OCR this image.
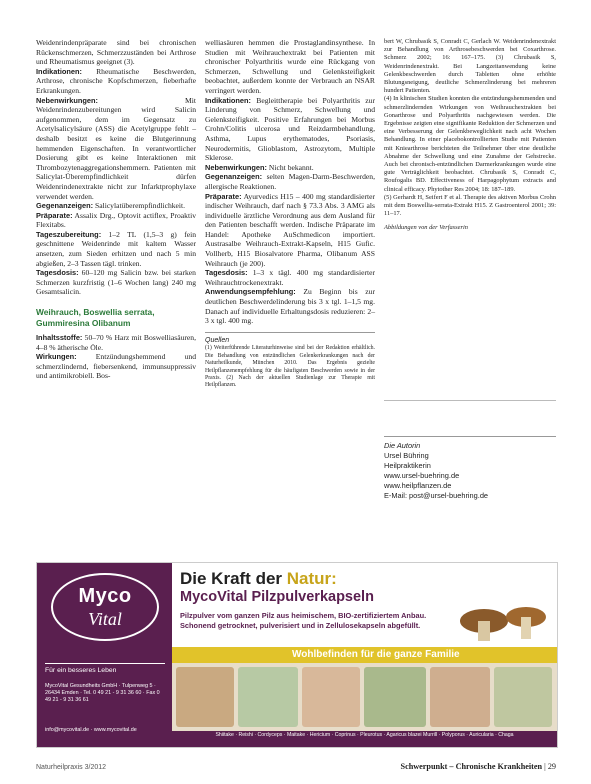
Weidenrindenpräparate sind bei chronischen Rückenschmerzen, Schmerzzuständen bei Arthrose und Rheumatismus geeignet (3).

Indikationen: Rheumatische Beschwerden, Arthrose, chronische Kopfschmerzen, fieberhafte Erkrankungen.

Nebenwirkungen:	Mit Weidenrindenzubereitungen wird Salicin aufgenommen, dem im Gegensatz zu Acetylsalicylsäure (ASS) die Acetylgruppe fehlt – deshalb besitzt es keine die Blutgerinnung hemmenden Eigenschaften. In verantwortlicher Dosierung gibt es keine Interaktionen mit Thrombozytenaggregationshemmern. Patienten mit Salicylat-Überempfindlichkeit dürfen Weidenrindenextrakte nicht zur Infarktprophylaxe verwendet werden.

Gegenanzeigen: Salicylatüberempfindlichkeit.

Präparate: Assalix Drg., Optovit actiflex, Proaktiv Flexitabs.

Tageszubereitung: 1–2 TL (1,5–3 g) fein geschnittene Weidenrinde mit kaltem Wasser ansetzen, zum Sieden erhitzen und nach 5 min abgießen, 2–3 Tassen tägl. trinken.

Tagesdosis: 60–120 mg Salicin bzw. bei starken Schmerzen kurzfristig (1–6 Wochen lang) 240 mg Gesamtsalicin.

Weihrauch, Boswellia serrata,
Gummiresina Olibanum

Inhaltsstoffe: 50–70 % Harz mit Boswelliasäuren, 4–8 % ätherische Öle.

Wirkungen:	Entzündungshemmend und schmerzlindernd, fiebersenkend, immunsuppressiv und antimikrobiell. Bos-

welliasäuren hemmen die Prostaglandinsynthese. In Studien mit Weihrauchextrakt bei Patienten mit chronischer Polyarthritis wurde eine Rückgang von Schmerzen, Schwellung und Gelenksteifigkeit beobachtet, außerdem konnte der Verbrauch an NSAR verringert werden.

Indikationen: Begleittherapie bei Polyarthritis zur Linderung von Schmerz, Schwellung und Gelenksteifigkeit. Positive Erfahrungen bei Morbus Crohn/Colitis ulcerosa und Reizdarmbehandlung, Asthma, Lupus erythematodes, Psoriasis, Neurodermitis, Glioblastom, Astrozytom, Multiple Sklerose.

Nebenwirkungen: Nicht bekannt.

Gegenanzeigen: selten Magen-Darm-Beschwerden, allergische Reaktionen.

Präparate: Ayurvedics H15 – 400 mg standardisierter indischer Weihrauch, darf nach § 73.3 Abs. 3 AMG als individuelle ärztliche Verordnung aus dem Ausland für den Patienten beschafft werden. Indische Präparate im Handel: Apotheke AuSchmedicon importiert. Austrasalbe Weihrauch-Extrakt-Kapseln, H15 Gufic. Vollherb, H15 Biosalvatore Pharma, Olibanum ASS Weihrauch (je 200).

Tagesdosis: 1–3 x tägl. 400 mg standardisierter Weihrauchtrockenextrakt.

Anwendungsempfehlung: Zu Beginn bis zur deutlichen Beschwerdelinderung bis 3 x tgl. 1–1,5 mg. Danach auf individuelle Erhaltungsdosis reduzieren: 2–3 x tgl. 400 mg.

Quellen

(1) Weiterführende Literaturhinweise sind bei der Redaktion erhältlich. Die Behandlung von entzündlichen Gelenkerkrankungen nach der Naturheilkunde, München 2010. Das Ergebnis gezielte Heilpflanzenempfehlung für die häufigsten Beschwerden sowie in der Praxis. (2) Nach der aktuellen Studienlage zur Therapie mit Heilpflanzen.

bert W, Chrubasik S, Conradt C, Gerlach W. Weidenrindenextrakt zur Behandlung von Arthrosebeschwerden bei Coxarthrose. Schmerz 2002; 16: 167–175. (3) Chrubasik S, Weidenrindenextrakt. Bei Langzeitanwendung keine Gelenkbeschwerden durch Tabletten ohne erhöhte Blutungsneigung, deutliche Schmerzlinderung bei mehreren hundert Patienten.

(4) In klinischen Studien konnten die entzündungshemmenden und schmerzlindernden Wirkungen von Weihrauchextrakten bei Gonarthrose und Polyarthritis nachgewiesen werden. Die Ergebnisse zeigten eine signifikante Reduktion der Schmerzen und eine Verbesserung der Gelenkbeweglichkeit nach acht Wochen Behandlung. In einer placebokontrollierten Studie mit Patienten mit Kniearthrose berichteten die Teilnehmer über eine deutliche Abnahme der Schwellung und eine Zunahme der Gehstrecke. Auch bei chronisch-entzündlichen Darmerkrankungen wurde eine gute Verträglichkeit beobachtet. Chrubasik S, Conradt C, Roufogalis BD. Effectiveness of Harpagophytum extracts and clinical efficacy. Phytother Res 2004; 18: 187–189.

(5) Gerhardt H, Seifert F et al. Therapie des aktiven Morbus Crohn mit dem Boswellia-serrata-Extrakt H15. Z Gastroenterol 2001; 39: 11–17.

Abbildungen von der Verfasserin

Die Autorin
Ursel Bühring
Heilpraktikerin
www.ursel-buehring.de
www.heilpflanzen.de
E-Mail: post@ursel-buehring.de
Myco
Vital
Für ein besseres Leben
MycoVital Gesundheits GmbH · Tulpenweg 5 · 26434 Emden · Tel. 0 49 21 - 9 31 36 60 · Fax 0 49 21 - 9 31 36 61
info@mycovital.de · www.mycovital.de
Die Kraft der Natur:
MycoVital Pilzpulverkapseln
Pilzpulver vom ganzen Pilz aus heimischem, BIO-zertifiziertem Anbau. Schonend getrocknet, pulverisiert und in Zellulosekapseln abgefüllt.
Wohlbefinden für die ganze Familie
Shiitake · Reishi · Cordyceps · Maitake · Hericium · Coprinus · Pleurotus · Agaricus blazei Murrill · Polyporus · Auricularia · Chaga
Naturheilpraxis 3/2012	Schwerpunkt – Chronische Krankheiten | 29
